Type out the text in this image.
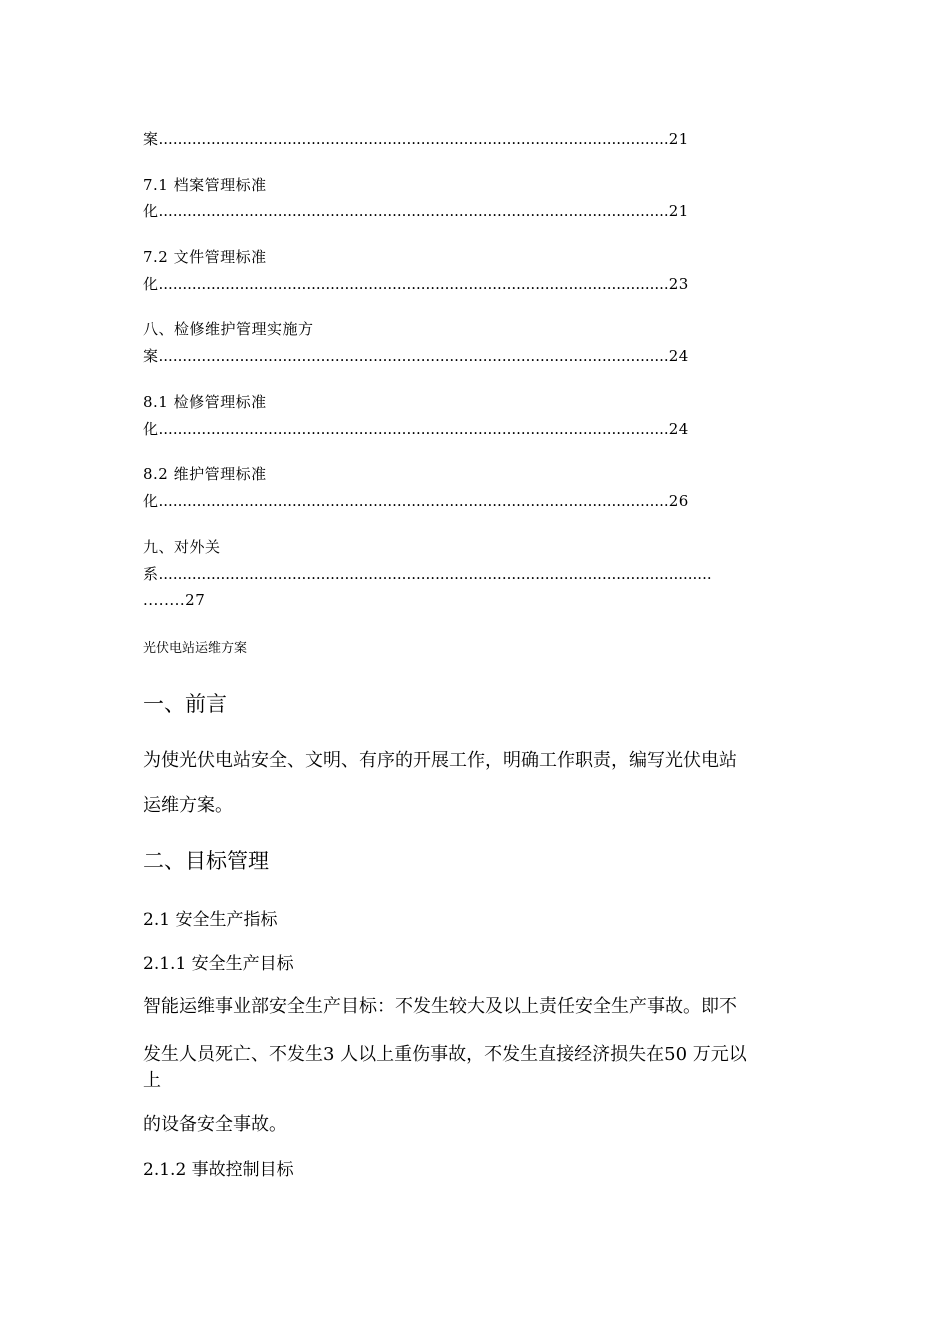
案...........................................................................................................21
7.1 档案管理标准
化...........................................................................................................21
7.2 文件管理标准
化...........................................................................................................23
八、检修维护管理实施方
案...........................................................................................................24
8.1 检修管理标准
化...........................................................................................................24
8.2 维护管理标准
化...........................................................................................................26
九、对外关
系....................................................................................................................
........27
光伏电站运维方案
一、前言
为使光伏电站安全、文明、有序的开展工作，明确工作职责，编写光伏电站
运维方案。
二、目标管理
2.1 安全生产指标
2.1.1 安全生产目标
智能运维事业部安全生产目标：不发生较大及以上责任安全生产事故。即不
发生人员死亡、不发生3 人以上重伤事故，不发生直接经济损失在50 万元以
上
的设备安全事故。
2.1.2 事故控制目标
